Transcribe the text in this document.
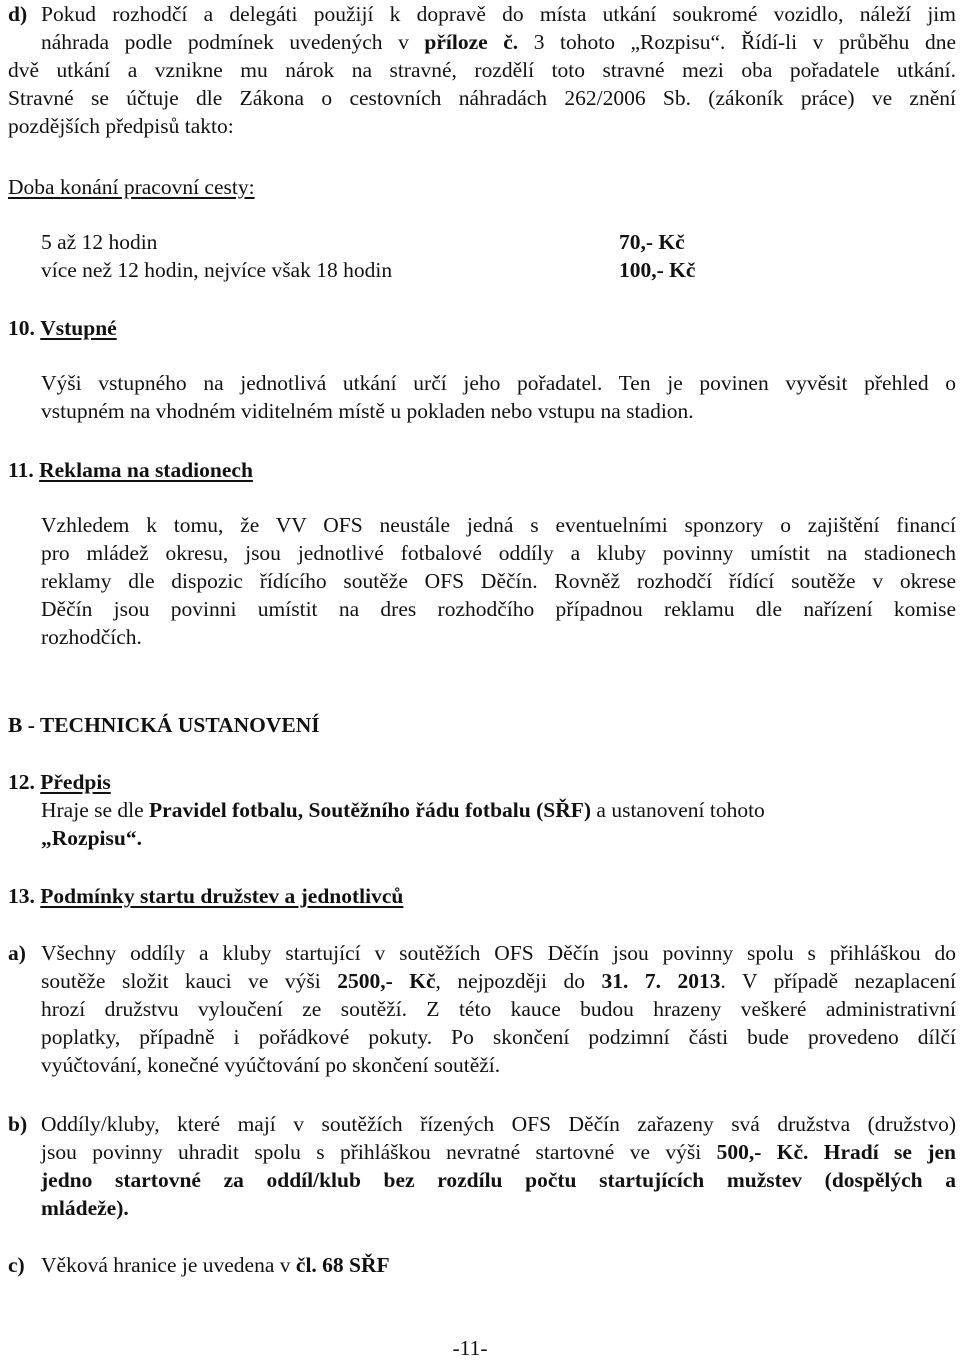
d) Pokud rozhodčí a delegáti použijí k dopravě do místa utkání soukromé vozidlo, náleží jim
náhrada podle podmínek uvedených v příloze č. 3 tohoto „Rozpisu“. Řídí-li v průběhu dne
dvě utkání a vznikne mu nárok na stravné, rozdělí toto stravné mezi oba pořadatele utkání.
Stravné se účtuje dle Zákona o cestovních náhradách 262/2006 Sb. (zákoník práce) ve znění
pozdějších předpisů takto:
Doba konání pracovní cesty:
5 až 12 hodin	70,- Kč
více než 12 hodin, nejvíce však 18 hodin	100,- Kč
10. Vstupné
Výši vstupného na jednotlivá utkání určí jeho pořadatel. Ten je povinen vyvěsit přehled o
vstupném na vhodném viditelném místě u pokladen nebo vstupu na stadion.
11. Reklama na stadionech
Vzhledem k tomu, že VV OFS neustále jedná s eventuelními sponzory o zajištění financí
pro mládež okresu, jsou jednotlivé fotbalové oddíly a kluby povinny umístit na stadionech
reklamy dle dispozic řídícího soutěže OFS Děčín. Rovněž rozhodčí řídící soutěže v okrese
Děčín jsou povinni umístit na dres rozhodčího případnou reklamu dle nařízení komise
rozhodčích.
B - TECHNICKÁ USTANOVENÍ
12. Předpis
Hraje se dle Pravidel fotbalu, Soutěžního řádu fotbalu (SŘF) a ustanovení tohoto
„Rozpisu“.
13. Podmínky startu družstev a jednotlivců
a) Všechny oddíly a kluby startující v soutěžích OFS Děčín jsou povinny spolu s přihláškou do
soutěže složit kauci ve výši 2500,- Kč, nejpozději do 31. 7. 2013. V případě nezaplacení
hrozí družstvu vyloučení ze soutěží. Z této kauce budou hrazeny veškeré administrativní
poplatky, případně i pořádkové pokuty. Po skončení podzimní části bude provedeno dílčí
vyúčtování, konečné vyúčtování po skončení soutěží.
b) Oddíly/kluby, které mají v soutěžích řízených OFS Děčín zařazeny svá družstva (družstvo)
jsou povinny uhradit spolu s přihláškou nevratné startovné ve výši 500,- Kč. Hradí se jen
jedno startovné za oddíl/klub bez rozdílu počtu startujících mužstev (dospělých a
mládeže).
c) Věková hranice je uvedena v čl. 68 SŘF
-11-
